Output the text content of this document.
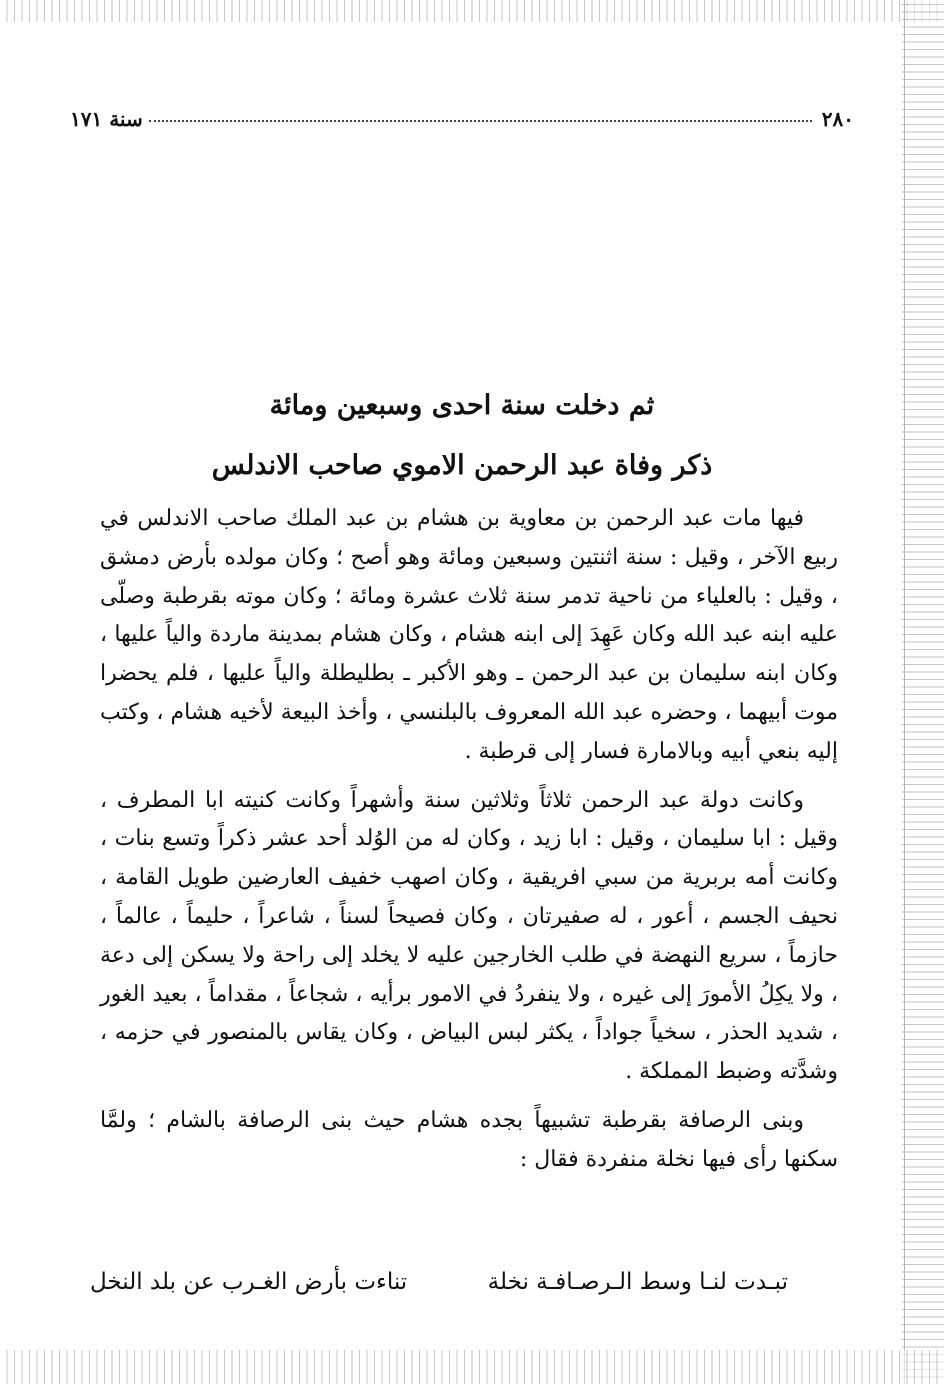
٢٨٠
سنة ١٧١
ثم دخلت سنة احدى وسبعين ومائة
ذكر وفاة عبد الرحمن الاموي صاحب الاندلس

فيها مات عبد الرحمن بن معاوية بن هشام بن عبد الملك صاحب الاندلس في ربيع الآخر ، وقيل : سنة اثنتين وسبعين ومائة وهو أصح ؛ وكان مولده بأرض دمشق ، وقيل : بالعلياء من ناحية تدمر سنة ثلاث عشرة ومائة ؛ وكان موته بقرطبة وصلّى عليه ابنه عبد الله وكان عَهِدَ إلى ابنه هشام ، وكان هشام بمدينة ماردة والياً عليها ، وكان ابنه سليمان بن عبد الرحمن ـ وهو الأكبر ـ بطليطلة والياً عليها ، فلم يحضرا موت أبيهما ، وحضره عبد الله المعروف بالبلنسي ، وأخذ البيعة لأخيه هشام ، وكتب إليه بنعي أبيه وبالامارة فسار إلى قرطبة .

وكانت دولة عبد الرحمن ثلاثاً وثلاثين سنة وأشهراً وكانت كنيته ابا المطرف ، وقيل : ابا سليمان ، وقيل : ابا زيد ، وكان له من الوُلد أحد عشر ذكراً وتسع بنات ، وكانت أمه بربرية من سبي افريقية ، وكان اصهب خفيف العارضين طويل القامة ، نحيف الجسم ، أعور ، له صفيرتان ، وكان فصيحاً لسناً ، شاعراً ، حليماً ، عالماً ، حازماً ، سريع النهضة في طلب الخارجين عليه لا يخلد إلى راحة ولا يسكن إلى دعة ، ولا يكِلُ الأمورَ إلى غيره ، ولا ينفردُ في الامور برأيه ، شجاعاً ، مقداماً ، بعيد الغور ، شديد الحذر ، سخياً جواداً ، يكثر لبس البياض ، وكان يقاس بالمنصور في حزمه ، وشدَّته وضبط المملكة .

وبنى الرصافة بقرطبة تشبيهاً بجده هشام حيث بنى الرصافة بالشام ؛ ولمَّا سكنها رأى فيها نخلة منفردة فقال :

تبـدت لنـا وسط الـرصـافـة نخلة
تناءت بأرض الغـرب عن بلد النخل
